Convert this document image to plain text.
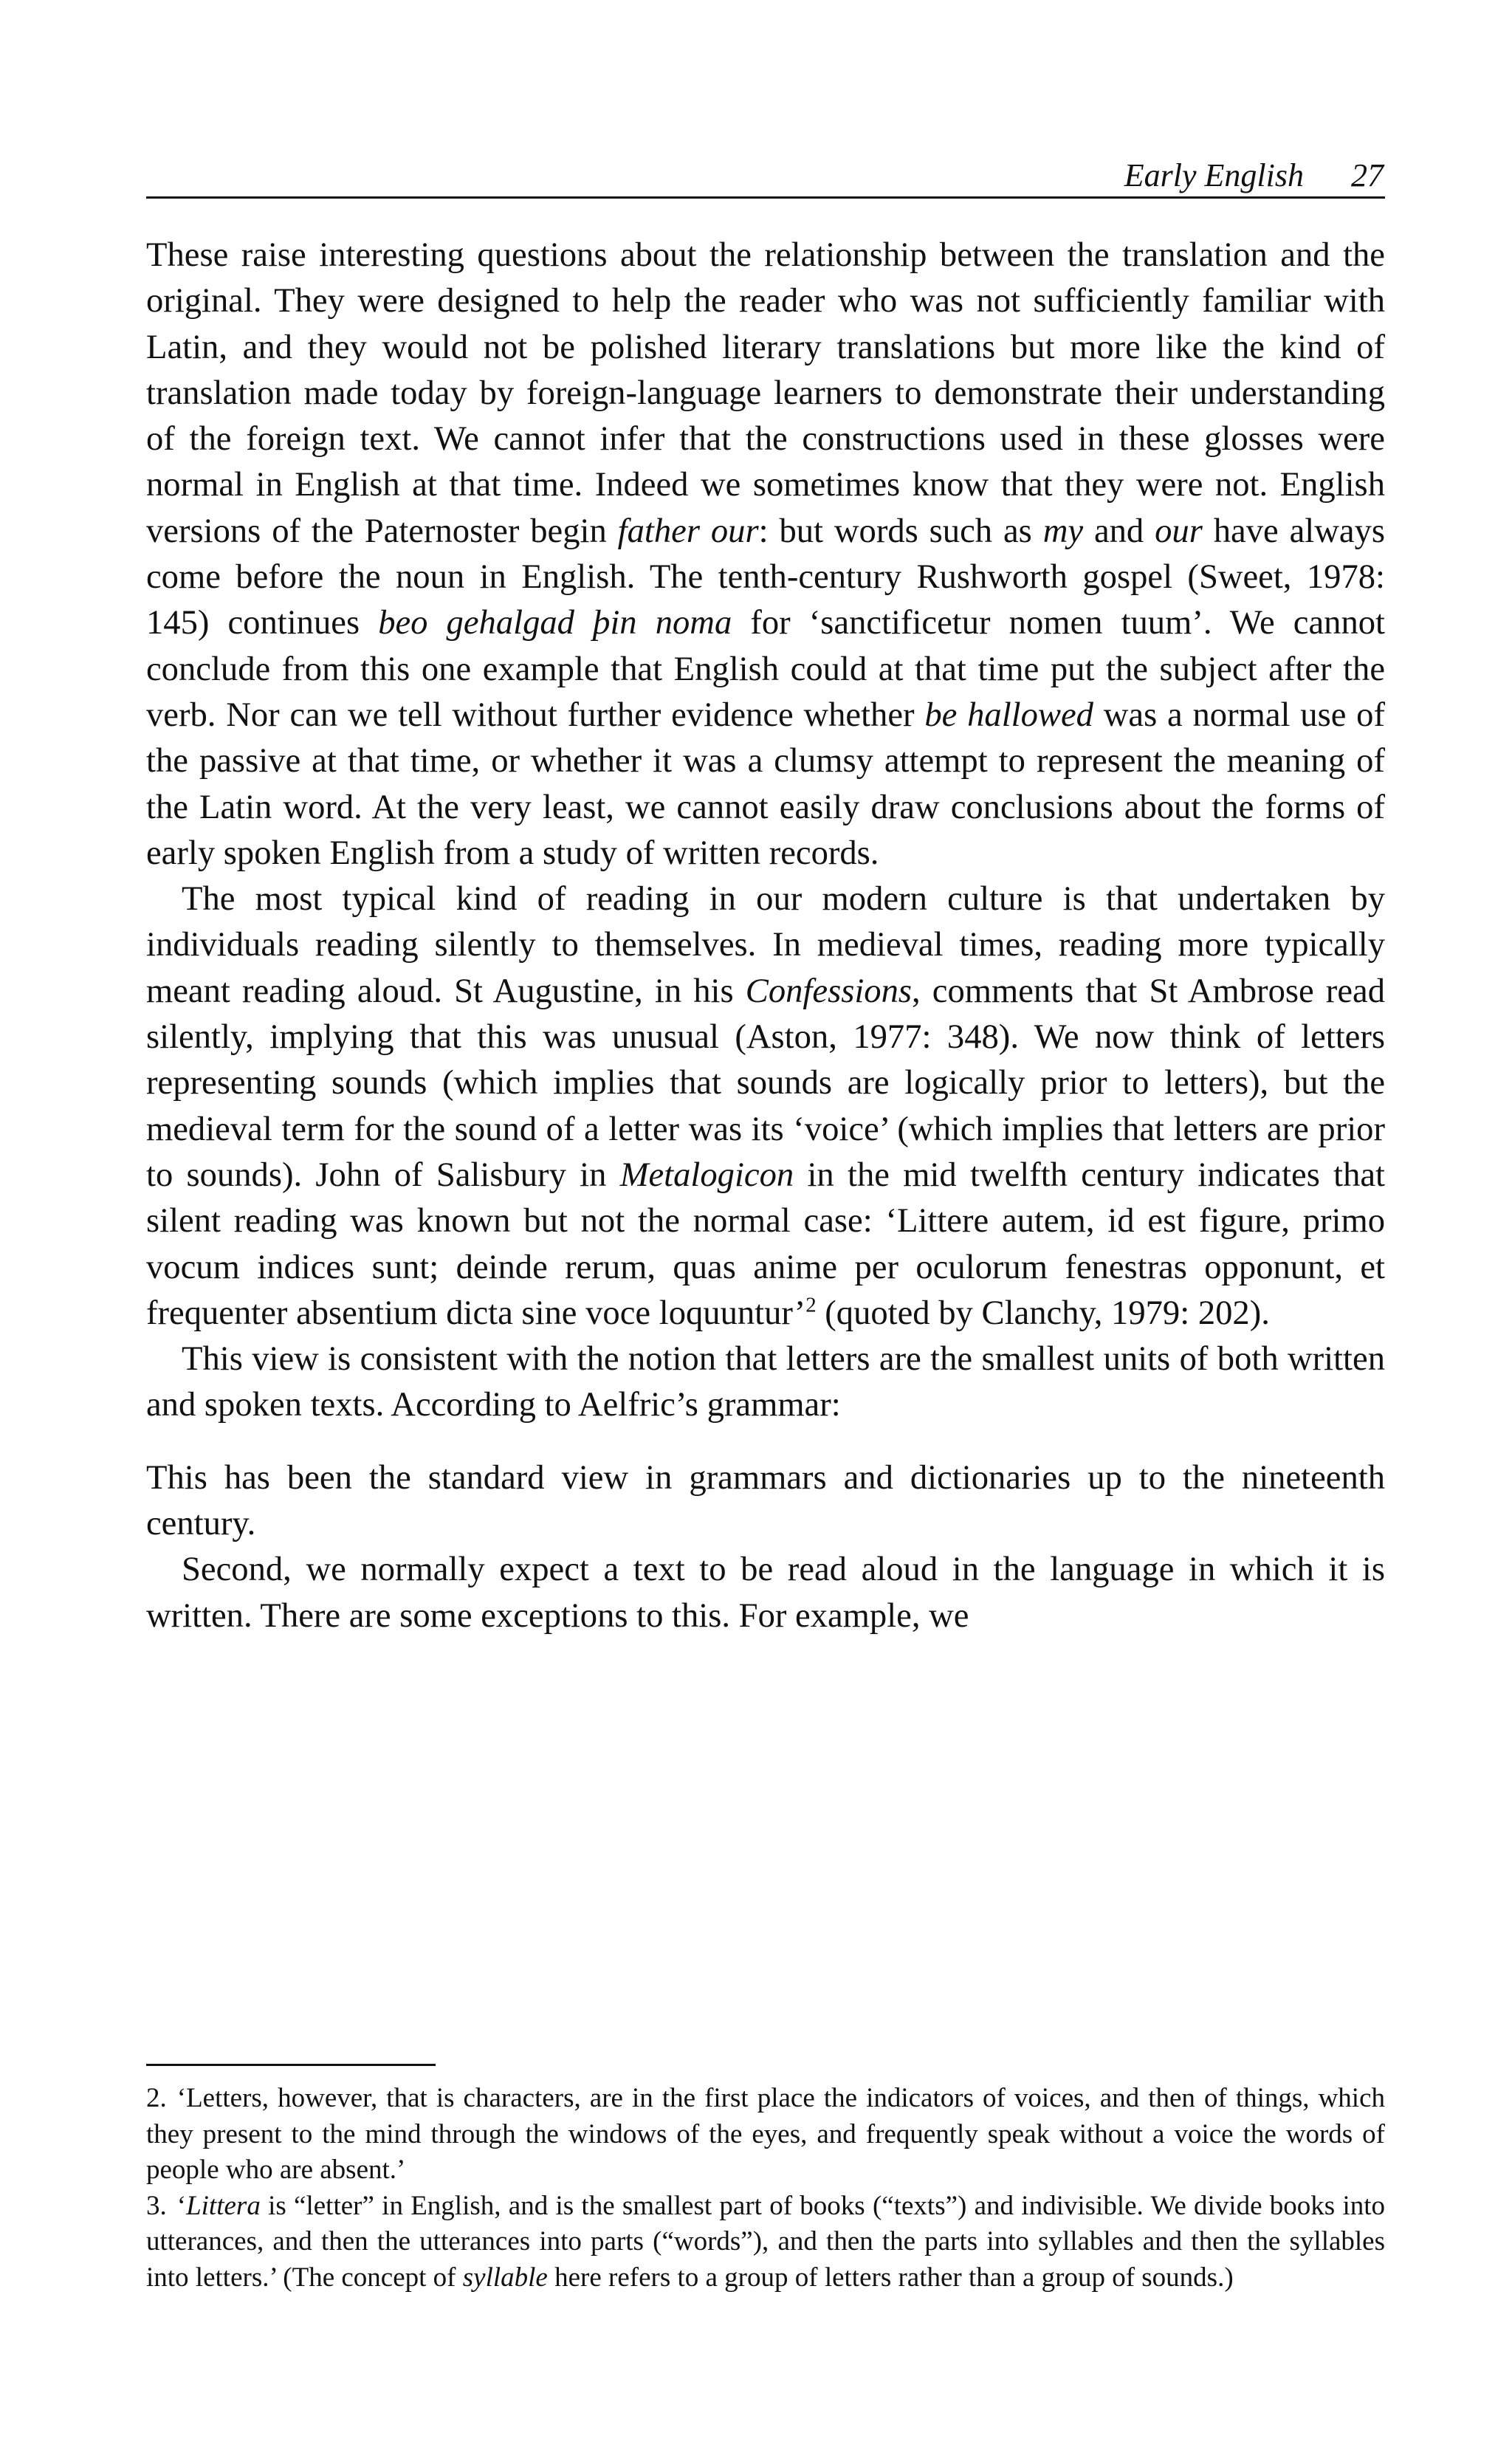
Early English 27

These raise interesting questions about the relationship between the translation and the original. They were designed to help the reader who was not sufficiently familiar with Latin, and they would not be polished literary translations but more like the kind of translation made today by foreign-language learners to demonstrate their understanding of the foreign text. We cannot infer that the constructions used in these glosses were normal in English at that time. Indeed we sometimes know that they were not. English versions of the Paternoster begin father our: but words such as my and our have always come before the noun in English. The tenth-century Rushworth gospel (Sweet, 1978: 145) continues beo gehalgad þin noma for ‘sanctificetur nomen tuum’. We cannot conclude from this one example that English could at that time put the subject after the verb. Nor can we tell without further evidence whether be hallowed was a normal use of the passive at that time, or whether it was a clumsy attempt to represent the meaning of the Latin word. At the very least, we cannot easily draw conclusions about the forms of early spoken English from a study of written records.

The most typical kind of reading in our modern culture is that undertaken by individuals reading silently to themselves. In medieval times, reading more typically meant reading aloud. St Augustine, in his Confessions, comments that St Ambrose read silently, implying that this was unusual (Aston, 1977: 348). We now think of letters representing sounds (which implies that sounds are logically prior to letters), but the medieval term for the sound of a letter was its ‘voice’ (which implies that letters are prior to sounds). John of Salisbury in Metalogicon in the mid twelfth century indicates that silent reading was known but not the normal case: ‘Littere autem, id est figure, primo vocum indices sunt; deinde rerum, quas anime per oculorum fenestras opponunt, et frequenter absentium dicta sine voce loquuntur’$^2$ (quoted by Clanchy, 1979: 202).

This view is consistent with the notion that letters are the smallest units of both written and spoken texts. According to Aelfric’s grammar:

This has been the standard view in grammars and dictionaries up to the nineteenth century.

Second, we normally expect a text to be read aloud in the language in which it is written. There are some exceptions to this. For example, we

2. ‘Letters, however, that is characters, are in the first place the indicators of voices, and then of things, which they present to the mind through the windows of the eyes, and frequently speak without a voice the words of people who are absent.’

3. ‘Littera is “letter” in English, and is the smallest part of books (“texts”) and indivisible. We divide books into utterances, and then the utterances into parts (“words”), and then the parts into syllables and then the syllables into letters.’ (The concept of syllable here refers to a group of letters rather than a group of sounds.)
